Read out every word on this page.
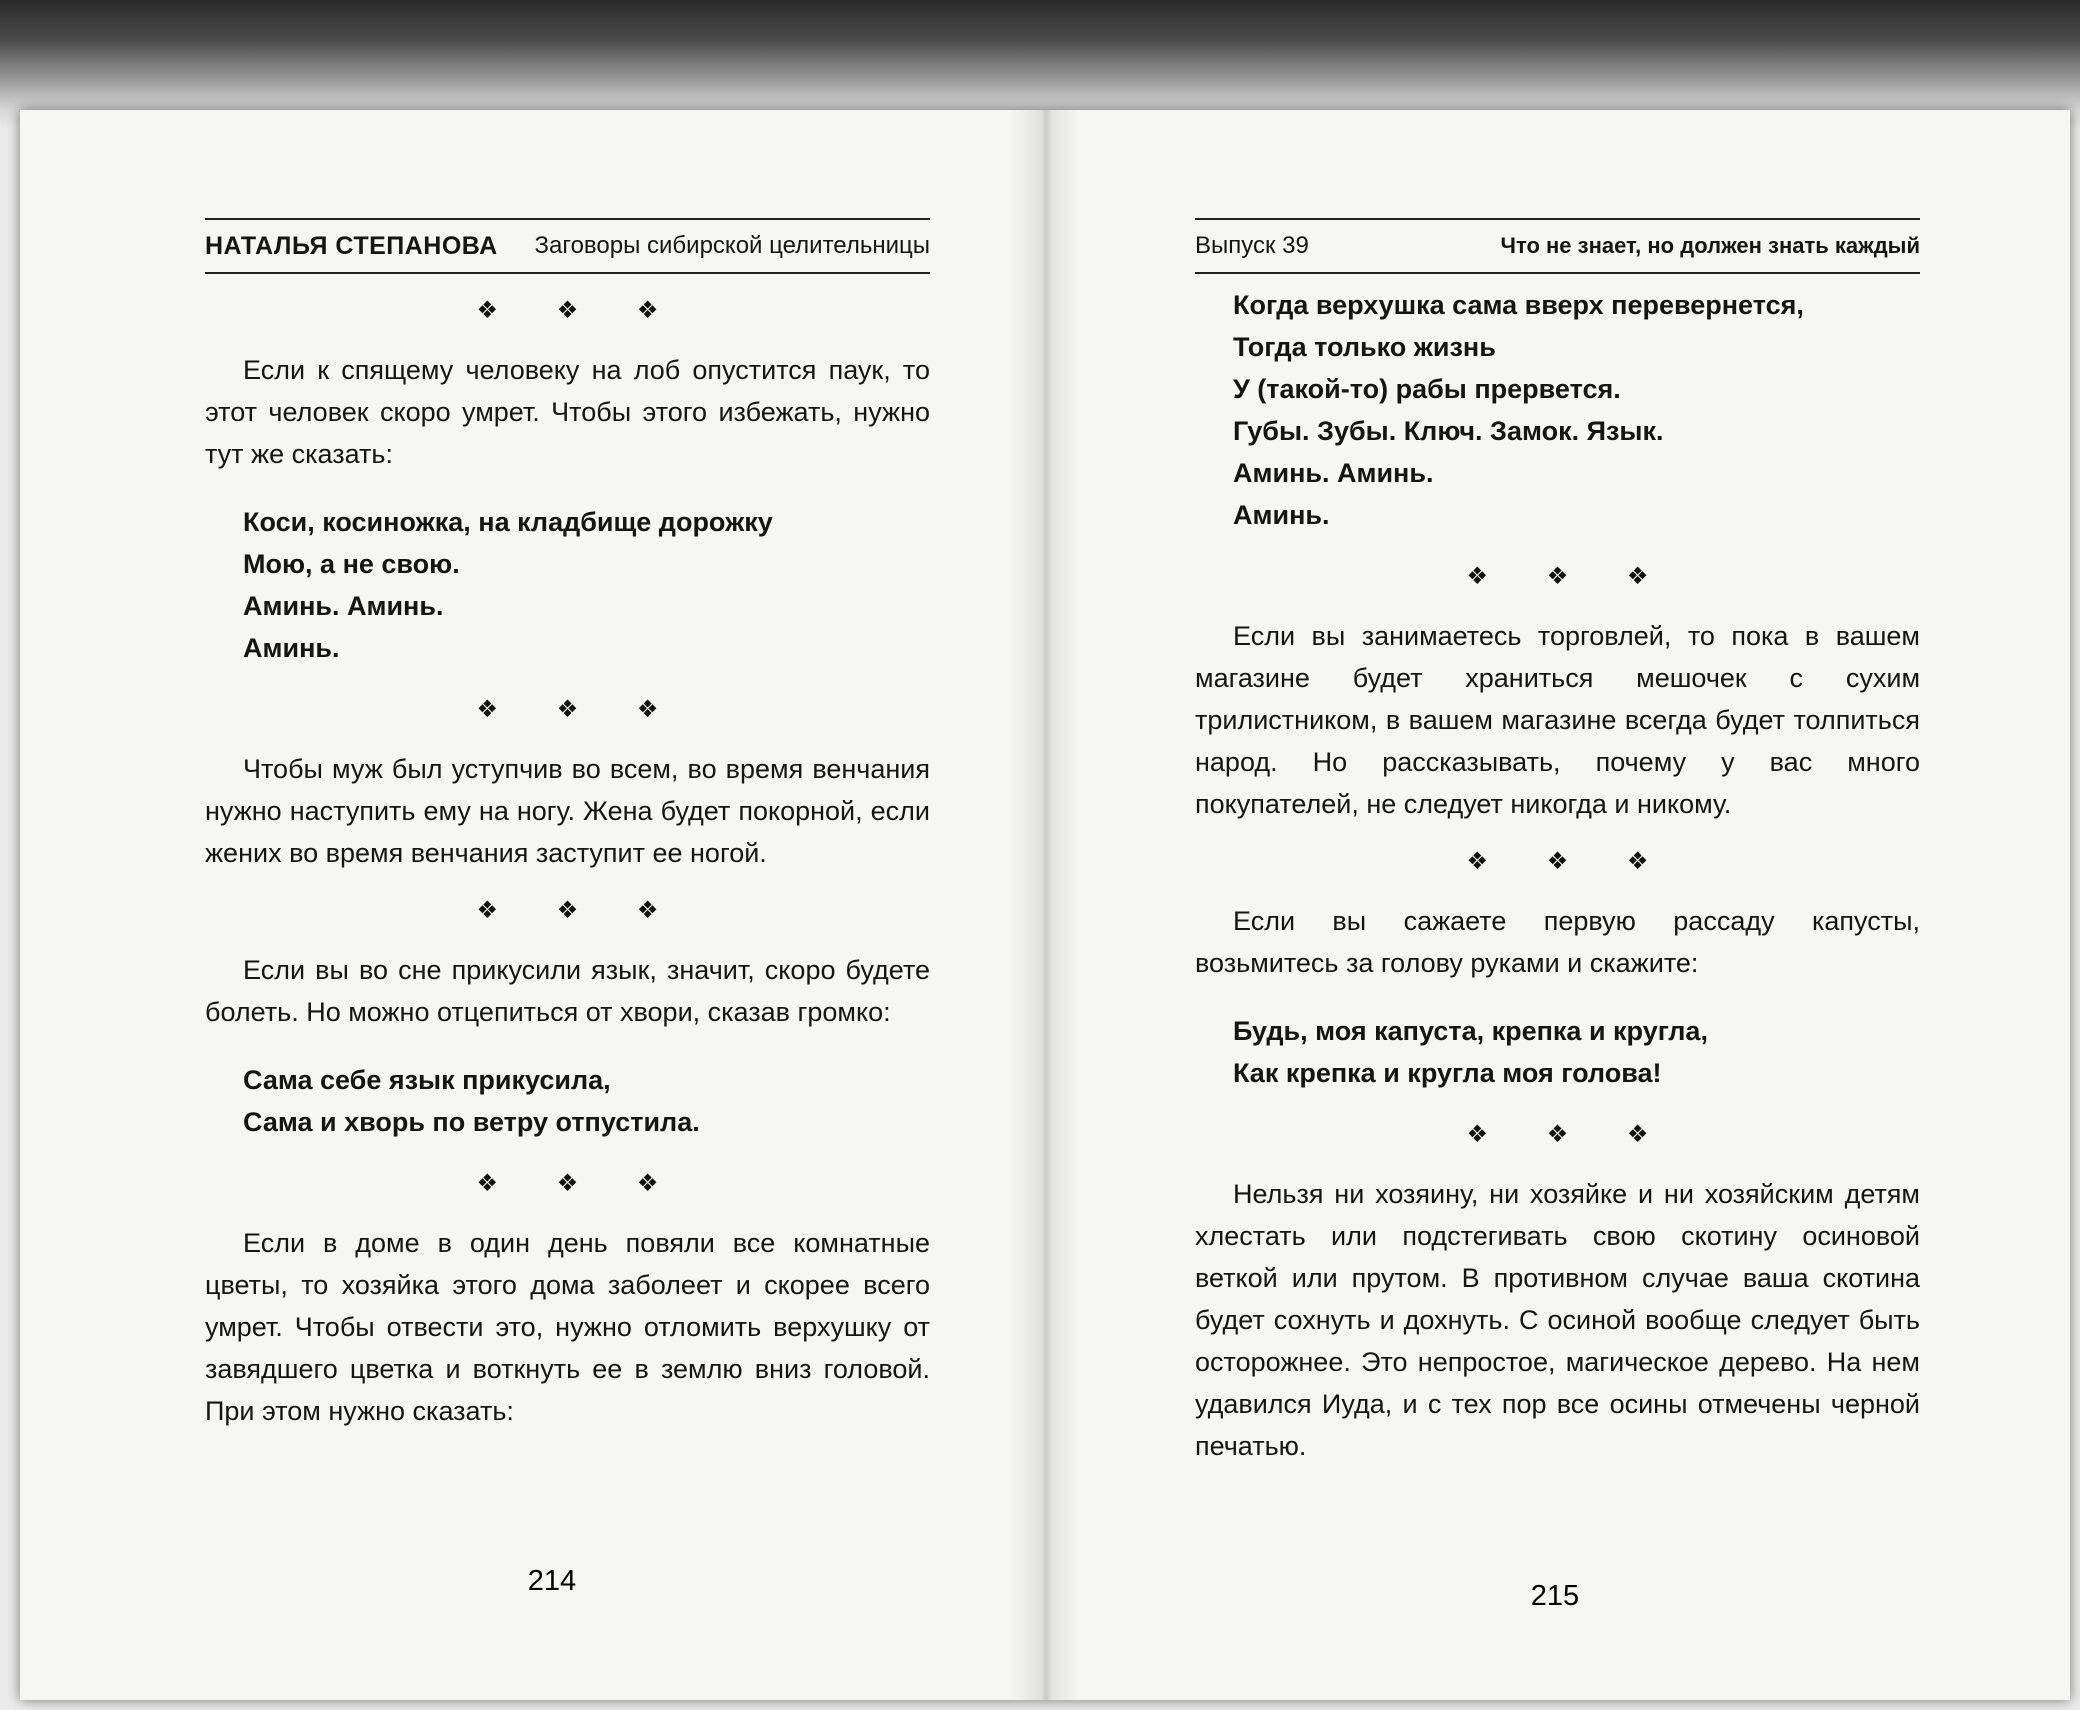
НАТАЛЬЯ СТЕПАНОВА Заговоры сибирской целительницы
❖ ❖ ❖

Если к спящему человеку на лоб опустится паук, то этот человек скоро умрет. Чтобы этого избежать, нужно тут же сказать:

Коси, косиножка, на кладбище дорожку
Мою, а не свою.
Аминь. Аминь.
Аминь.
❖ ❖ ❖

Чтобы муж был уступчив во всем, во время венчания нужно наступить ему на ногу. Жена будет покорной, если жених во время венчания заступит ее ногой.

❖ ❖ ❖

Если вы во сне прикусили язык, значит, скоро будете болеть. Но можно отцепиться от хвори, сказав громко:

Сама себе язык прикусила,
Сама и хворь по ветру отпустила.
❖ ❖ ❖

Если в доме в один день повяли все комнатные цветы, то хозяйка этого дома заболеет и скорее всего умрет. Чтобы отвести это, нужно отломить верхушку от завядшего цветка и воткнуть ее в землю вниз головой. При этом нужно сказать:

214
Выпуск 39	Что не знает, но должен знать каждый
Когда верхушка сама вверх перевернется,
Тогда только жизнь
У (такой-то) рабы прервется.
Губы. Зубы. Ключ. Замок. Язык.
Аминь. Аминь.
Аминь.
❖ ❖ ❖

Если вы занимаетесь торговлей, то пока в вашем магазине будет храниться мешочек с сухим трилистником, в вашем магазине всегда будет толпиться народ. Но рассказывать, почему у вас много покупателей, не следует никогда и никому.

❖ ❖ ❖

Если вы сажаете первую рассаду капусты, возьмитесь за голову руками и скажите:

Будь, моя капуста, крепка и кругла,
Как крепка и кругла моя голова!
❖ ❖ ❖

Нельзя ни хозяину, ни хозяйке и ни хозяйским детям хлестать или подстегивать свою скотину осиновой веткой или прутом. В противном случае ваша скотина будет сохнуть и дохнуть. С осиной вообще следует быть осторожнее. Это непростое, магическое дерево. На нем удавился Иуда, и с тех пор все осины отмечены черной печатью.

215
